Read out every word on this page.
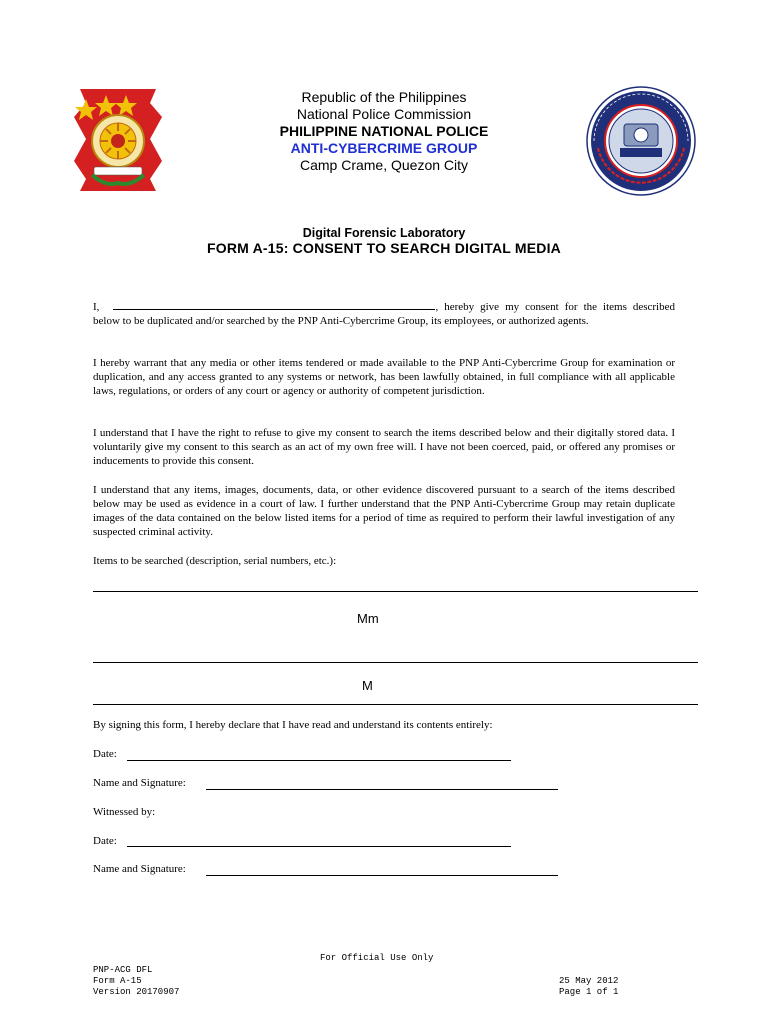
Republic of the Philippines
National Police Commission
PHILIPPINE NATIONAL POLICE
ANTI-CYBERCRIME GROUP
Camp Crame, Quezon City
Digital Forensic Laboratory
FORM A-15: CONSENT TO SEARCH DIGITAL MEDIA
I,	, hereby give my consent for the items described below to be duplicated and/or searched by the PNP Anti-Cybercrime Group, its employees, or authorized agents.
I hereby warrant that any media or other items tendered or made available to the PNP Anti-Cybercrime Group for examination or duplication, and any access granted to any systems or network, has been lawfully obtained, in full compliance with all applicable laws, regulations, or orders of any court or agency or authority of competent jurisdiction.
I understand that I have the right to refuse to give my consent to search the items described below and their digitally stored data. I voluntarily give my consent to this search as an act of my own free will. I have not been coerced, paid, or offered any promises or inducements to provide this consent.
I understand that any items, images, documents, data, or other evidence discovered pursuant to a search of the items described below may be used as evidence in a court of law. I further understand that the PNP Anti-Cybercrime Group may retain duplicate images of the data contained on the below listed items for a period of time as required to perform their lawful investigation of any suspected criminal activity.
Items to be searched (description, serial numbers, etc.):
Mm
M
By signing this form, I hereby declare that I have read and understand its contents entirely:
Date:
Name and Signature:
Witnessed by:
Date:
Name and Signature:
For Official Use Only
PNP-ACG DFL
Form A-15
Version 20170907
25 May 2012
Page 1 of 1
